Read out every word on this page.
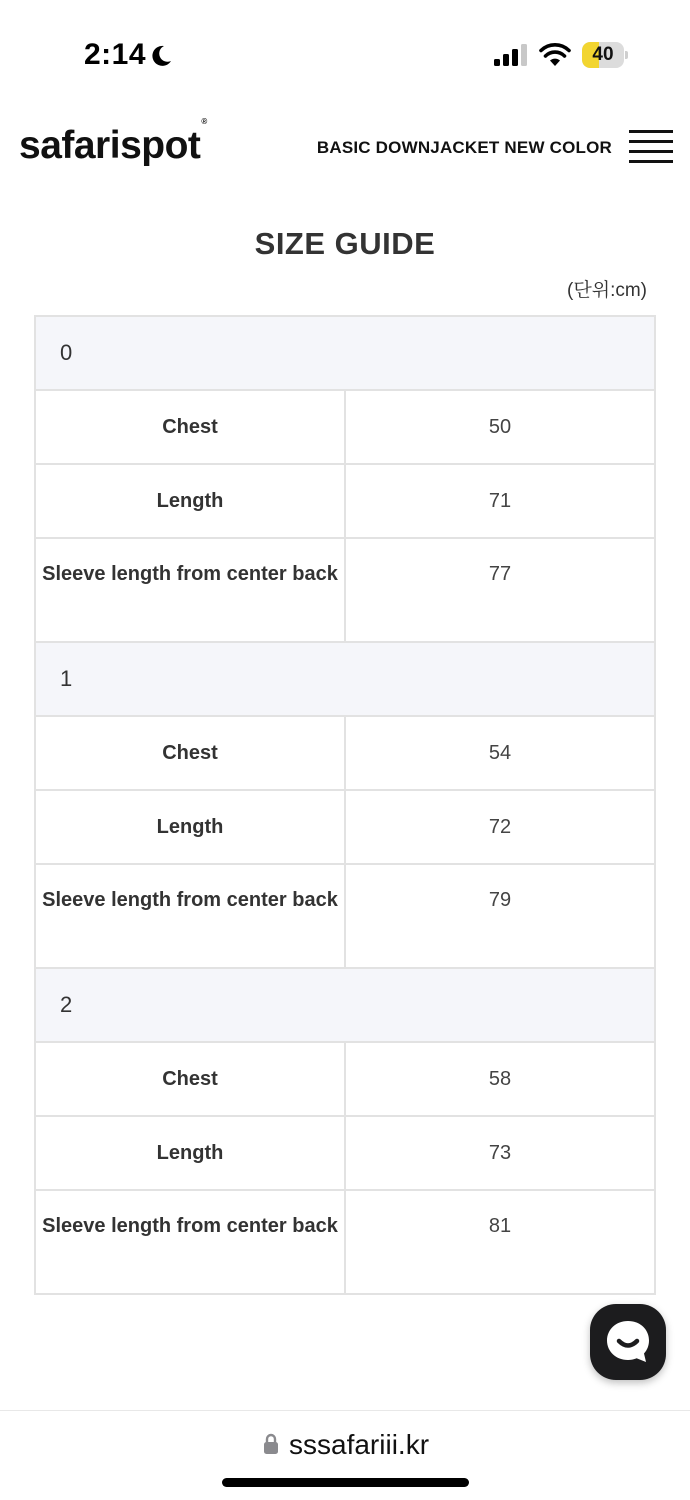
2:14	40
safarispot®
BASIC DOWNJACKET NEW COLOR
SIZE GUIDE
(단위:cm)
0	
Chest	50
Length	71
Sleeve length from center back	77
1	
Chest	54
Length	72
Sleeve length from center back	79
2	
Chest	58
Length	73
Sleeve length from center back	81
sssafariii.kr
